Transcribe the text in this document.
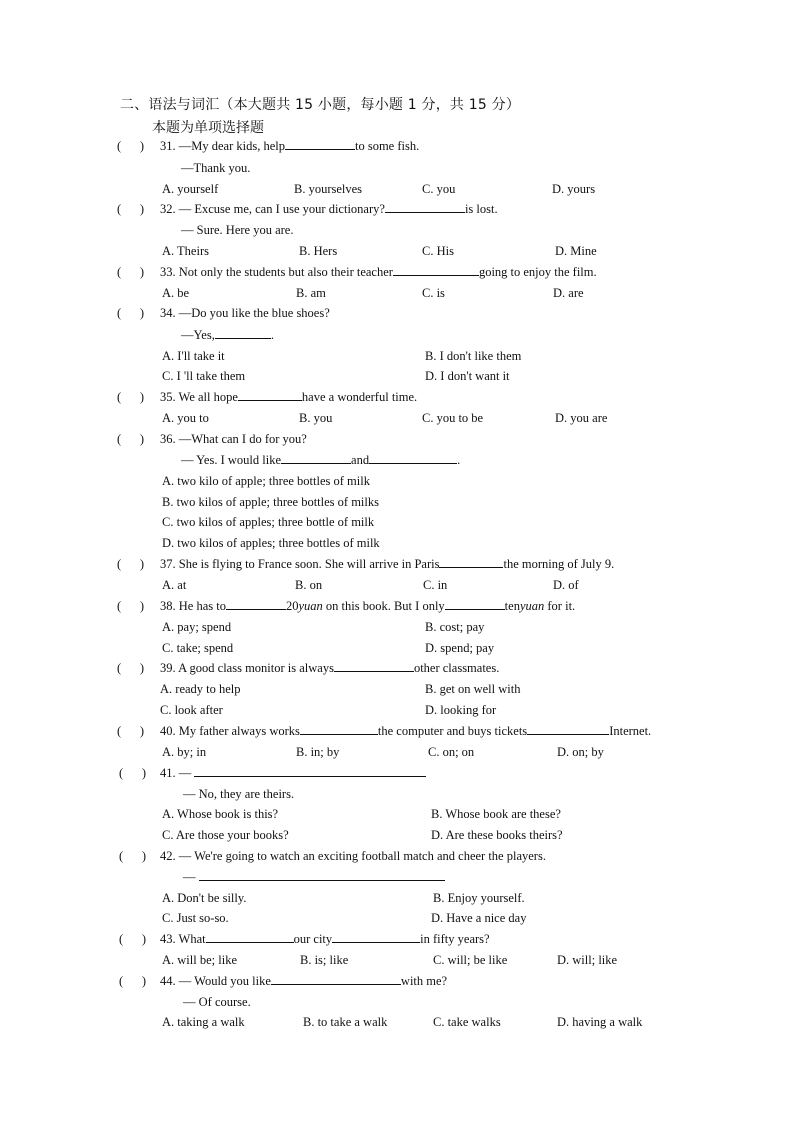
二、语法与词汇（本大题共 15 小题，每小题 1 分，共 15 分）
本题为单项选择题
(      ) 31. —My dear kids, help	to some fish.
—Thank you.
A. yourself	B. yourselves	C. you	D. yours
(      ) 32. — Excuse me, can I use your dictionary?	is lost.
— Sure. Here you are.
A. Theirs	B. Hers	C. His	D. Mine
(      ) 33. Not only the students but also their teacher	going to enjoy the film.
A. be	B. am	C. is	D. are
(      ) 34. —Do you like the blue shoes?
—Yes,	.
A. I'll take it	B. I don't like them
C. I 'll take them	D. I don't want it
(      ) 35. We all hope	have a wonderful time.
A. you to	B. you	C. you to be	D. you are
(      ) 36. —What can I do for you?
— Yes. I would like	and	.
A. two kilo of apple; three bottles of milk
B. two kilos of apple; three bottles of milks
C. two kilos of apples; three bottle of milk
D. two kilos of apples; three bottles of milk
(      ) 37. She is flying to France soon. She will arrive in Paris	the morning of July 9.
A. at	B. on	C. in	D. of
(      ) 38. He has to	20yuan on this book. But I only	tenyuan for it.
A. pay; spend	B. cost; pay
C. take; spend	D. spend; pay
(      ) 39. A good class monitor is always	other classmates.
A. ready to help	B. get on well with
C. look after	D. looking for
(      ) 40. My father always works	the computer and buys tickets	Internet.
A. by; in	B. in; by	C. on; on	D. on; by
(      ) 41. —
— No, they are theirs.
A. Whose book is this?	B. Whose book are these?
C. Are those your books?	D. Are these books theirs?
(      ) 42. — We're going to watch an exciting football match and cheer the players.
—
A. Don't be silly.	B. Enjoy yourself.
C. Just so-so.	D. Have a nice day
(      ) 43. What	our city	in fifty years?
A. will be; like	B. is; like	C. will; be like	D. will; like
(      ) 44. — Would you like	with me?
— Of course.
A. taking a walk	B. to take a walk	C. take walks	D. having a walk
